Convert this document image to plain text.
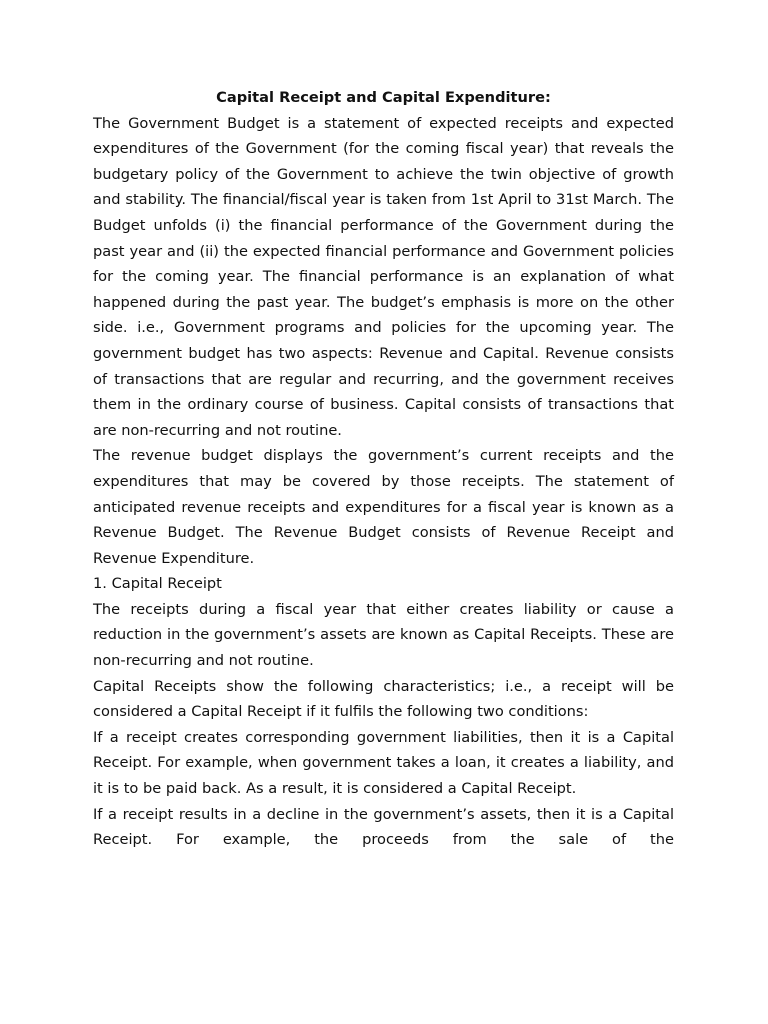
Capital Receipt and Capital Expenditure:

The Government Budget is a statement of expected receipts and expected expenditures of the Government (for the coming fiscal year) that reveals the budgetary policy of the Government to achieve the twin objective of growth and stability. The financial/fiscal year is taken from 1st April to 31st March. The Budget unfolds (i) the financial performance of the Government during the past year and (ii) the expected financial performance and Government policies for the coming year. The financial performance is an explanation of what happened during the past year. The budget’s emphasis is more on the other side. i.e., Government programs and policies for the upcoming year. The government budget has two aspects: Revenue and Capital. Revenue consists of transactions that are regular and recurring, and the government receives them in the ordinary course of business. Capital consists of transactions that are non-recurring and not routine.

The revenue budget displays the government’s current receipts and the expenditures that may be covered by those receipts. The statement of anticipated revenue receipts and expenditures for a fiscal year is known as a Revenue Budget. The Revenue Budget consists of Revenue Receipt and Revenue Expenditure.

1. Capital Receipt

The receipts during a fiscal year that either creates liability or cause a reduction in the government’s assets are known as Capital Receipts. These are non-recurring and not routine.

Capital Receipts show the following characteristics; i.e., a receipt will be considered a Capital Receipt if it fulfils the following two conditions:

If a receipt creates corresponding government liabilities, then it is a Capital Receipt. For example, when government takes a loan, it creates a liability, and it is to be paid back. As a result, it is considered a Capital Receipt.

If a receipt results in a decline in the government’s assets, then it is a Capital Receipt. For example, the proceeds from the sale of the
